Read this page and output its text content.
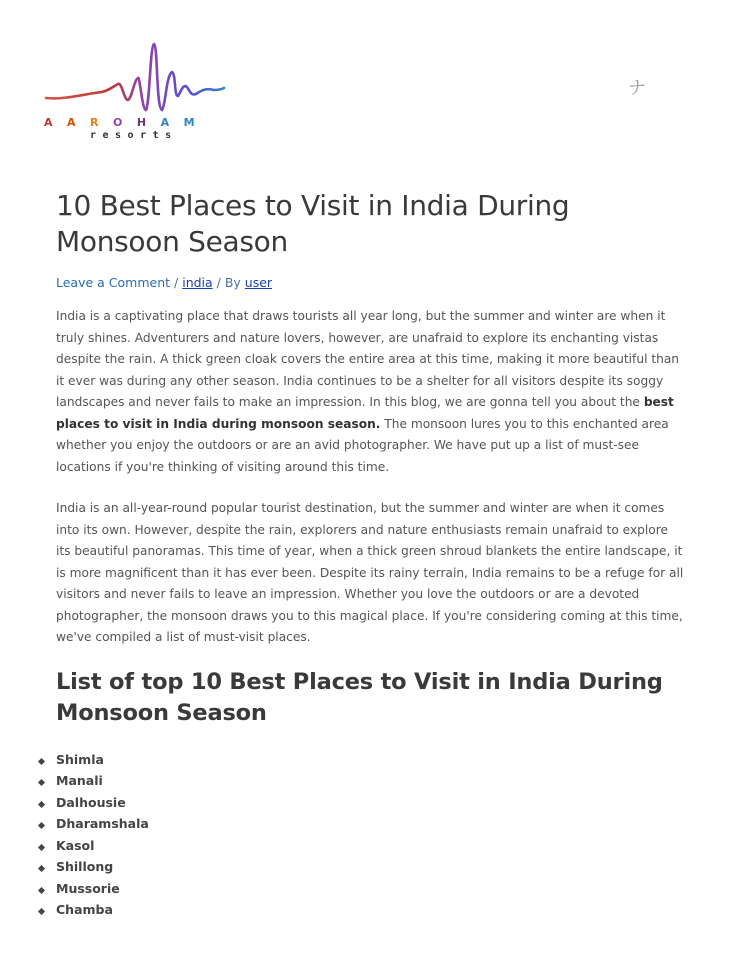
AAROHAM
resorts
ナ
10 Best Places to Visit in India During Monsoon Season
Leave a Comment / india / By user

India is a captivating place that draws tourists all year long, but the summer and winter are when it truly shines. Adventurers and nature lovers, however, are unafraid to explore its enchanting vistas despite the rain. A thick green cloak covers the entire area at this time, making it more beautiful than it ever was during any other season. India continues to be a shelter for all visitors despite its soggy landscapes and never fails to make an impression. In this blog, we are gonna tell you about the best places to visit in India during monsoon season. The monsoon lures you to this enchanted area whether you enjoy the outdoors or are an avid photographer. We have put up a list of must-see locations if you're thinking of visiting around this time.

India is an all-year-round popular tourist destination, but the summer and winter are when it comes into its own. However, despite the rain, explorers and nature enthusiasts remain unafraid to explore its beautiful panoramas. This time of year, when a thick green shroud blankets the entire landscape, it is more magnificent than it has ever been. Despite its rainy terrain, India remains to be a refuge for all visitors and never fails to leave an impression. Whether you love the outdoors or are a devoted photographer, the monsoon draws you to this magical place. If you're considering coming at this time, we've compiled a list of must-visit places.

List of top 10 Best Places to Visit in India During Monsoon Season
Shimla
Manali
Dalhousie
Dharamshala
Kasol
Shillong
Mussorie
Chamba
